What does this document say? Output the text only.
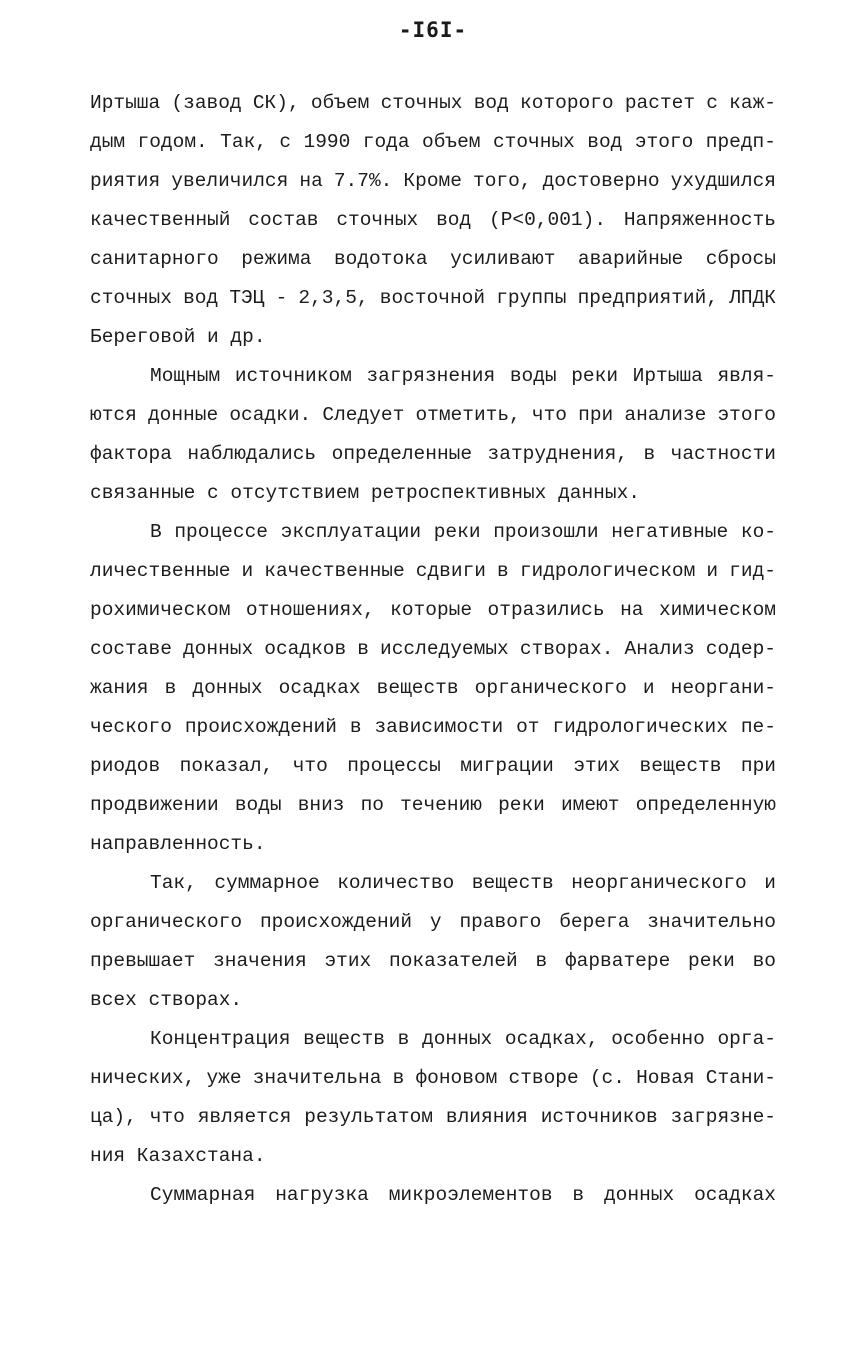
-I6I-
Иртыша (завод СК), объем сточных вод которого растет с каж-
дым годом. Так, с 1990 года объем сточных вод этого предп-
риятия увеличился на 7.7%. Кроме того, достоверно ухудшился
качественный состав сточных вод (Р<0,001). Напряженность
санитарного режима водотока усиливают аварийные сбросы
сточных вод ТЭЦ - 2,3,5, восточной группы предприятий, ЛПДК
Береговой и др.
Мощным источником загрязнения воды реки Иртыша явля-
ются донные осадки. Следует отметить, что при анализе этого
фактора наблюдались определенные затруднения, в частности
связанные с отсутствием ретроспективных данных.
В процессе эксплуатации реки произошли негативные ко-
личественные и качественные сдвиги в гидрологическом и гид-
рохимическом отношениях, которые отразились на химическом
составе донных осадков в исследуемых створах. Анализ содер-
жания в донных осадках веществ органического и неоргани-
ческого происхождений в зависимости от гидрологических пе-
риодов показал, что процессы миграции этих веществ при
продвижении воды вниз по течению реки имеют определенную
направленность.
Так, суммарное количество веществ неорганического и
органического происхождений у правого берега значительно
превышает значения этих показателей в фарватере реки во
всех створах.
Концентрация веществ в донных осадках, особенно орга-
нических, уже значительна в фоновом створе (с. Новая Стани-
ца), что является результатом влияния источников загрязне-
ния Казахстана.
Суммарная нагрузка микроэлементов в донных осадках
